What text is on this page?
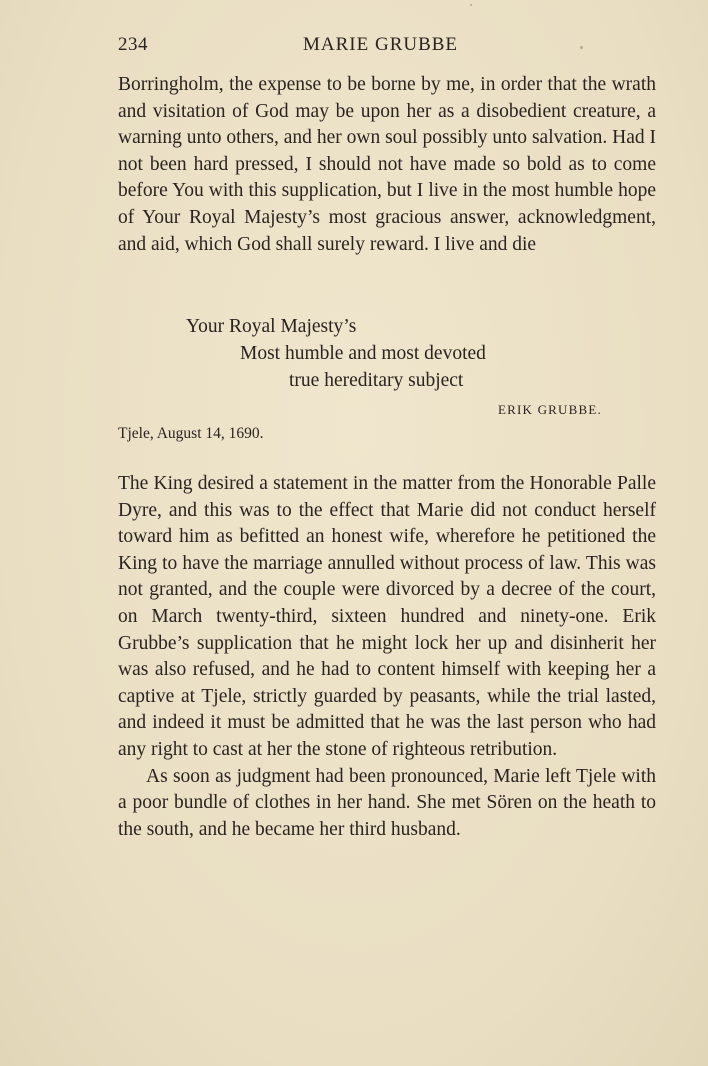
234	MARIE GRUBBE

Borringholm, the expense to be borne by me, in order that the wrath and visitation of God may be upon her as a disobedient creature, a warning unto others, and her own soul possibly unto salvation. Had I not been hard pressed, I should not have made so bold as to come before You with this supplication, but I live in the most humble hope of Your Royal Majesty’s most gracious answer, acknowledgment, and aid, which God shall surely reward. I live and die

Your Royal Majesty’s
Most humble and most devoted
true hereditary subject
ERIK GRUBBE.
Tjele, August 14, 1690.

The King desired a statement in the matter from the Honorable Palle Dyre, and this was to the effect that Marie did not conduct herself toward him as befitted an honest wife, wherefore he petitioned the King to have the marriage annulled without process of law. This was not granted, and the couple were divorced by a decree of the court, on March twenty-third, sixteen hundred and ninety-one. Erik Grubbe’s supplication that he might lock her up and disinherit her was also refused, and he had to content himself with keeping her a captive at Tjele, strictly guarded by peasants, while the trial lasted, and indeed it must be admitted that he was the last person who had any right to cast at her the stone of righteous retribution.

As soon as judgment had been pronounced, Marie left Tjele with a poor bundle of clothes in her hand. She met Sören on the heath to the south, and he became her third husband.
